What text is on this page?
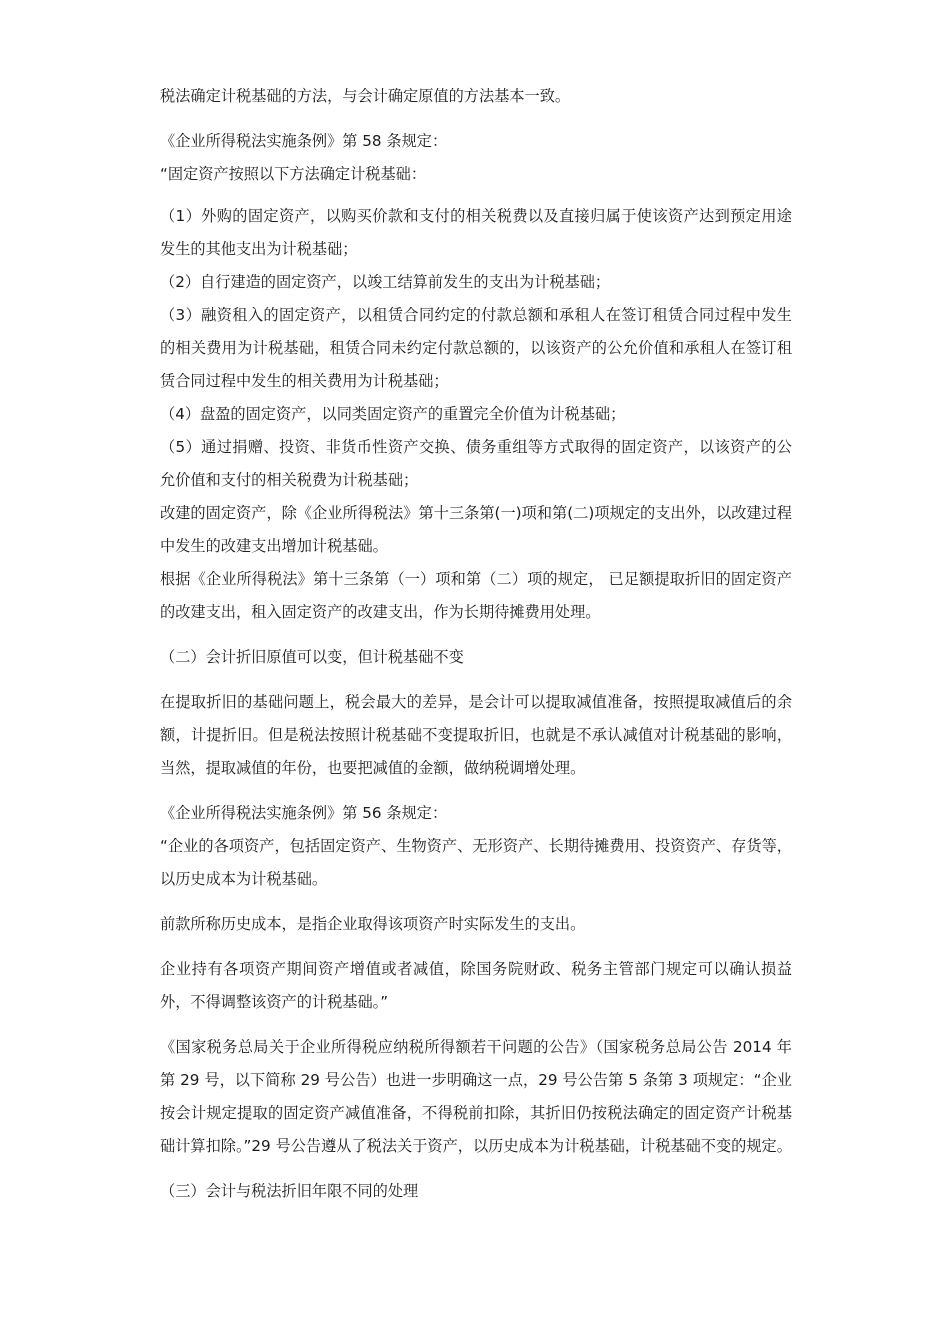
税法确定计税基础的方法，与会计确定原值的方法基本一致。

《企业所得税法实施条例》第 58 条规定：

“固定资产按照以下方法确定计税基础：

（1）外购的固定资产，以购买价款和支付的相关税费以及直接归属于使该资产达到预定用途发生的其他支出为计税基础；

（2）自行建造的固定资产，以竣工结算前发生的支出为计税基础；

（3）融资租入的固定资产，以租赁合同约定的付款总额和承租人在签订租赁合同过程中发生的相关费用为计税基础，租赁合同未约定付款总额的，以该资产的公允价值和承租人在签订租赁合同过程中发生的相关费用为计税基础；

（4）盘盈的固定资产，以同类固定资产的重置完全价值为计税基础；

（5）通过捐赠、投资、非货币性资产交换、债务重组等方式取得的固定资产，以该资产的公允价值和支付的相关税费为计税基础；

改建的固定资产，除《企业所得税法》第十三条第(一)项和第(二)项规定的支出外，以改建过程中发生的改建支出增加计税基础。

根据《企业所得税法》第十三条第（一）项和第（二）项的规定， 已足额提取折旧的固定资产的改建支出，租入固定资产的改建支出，作为长期待摊费用处理。

（二）会计折旧原值可以变，但计税基础不变

在提取折旧的基础问题上，税会最大的差异，是会计可以提取减值准备，按照提取减值后的余额，计提折旧。但是税法按照计税基础不变提取折旧，也就是不承认减值对计税基础的影响，当然，提取减值的年份，也要把减值的金额，做纳税调增处理。

《企业所得税法实施条例》第 56 条规定：

“企业的各项资产，包括固定资产、生物资产、无形资产、长期待摊费用、投资资产、存货等，以历史成本为计税基础。

前款所称历史成本，是指企业取得该项资产时实际发生的支出。

企业持有各项资产期间资产增值或者减值，除国务院财政、税务主管部门规定可以确认损益外，不得调整该资产的计税基础。”

《国家税务总局关于企业所得税应纳税所得额若干问题的公告》（国家税务总局公告 2014 年第 29 号，以下简称 29 号公告）也进一步明确这一点，29 号公告第 5 条第 3 项规定：“企业按会计规定提取的固定资产减值准备，不得税前扣除，其折旧仍按税法确定的固定资产计税基础计算扣除。”29 号公告遵从了税法关于资产，以历史成本为计税基础，计税基础不变的规定。

（三）会计与税法折旧年限不同的处理
